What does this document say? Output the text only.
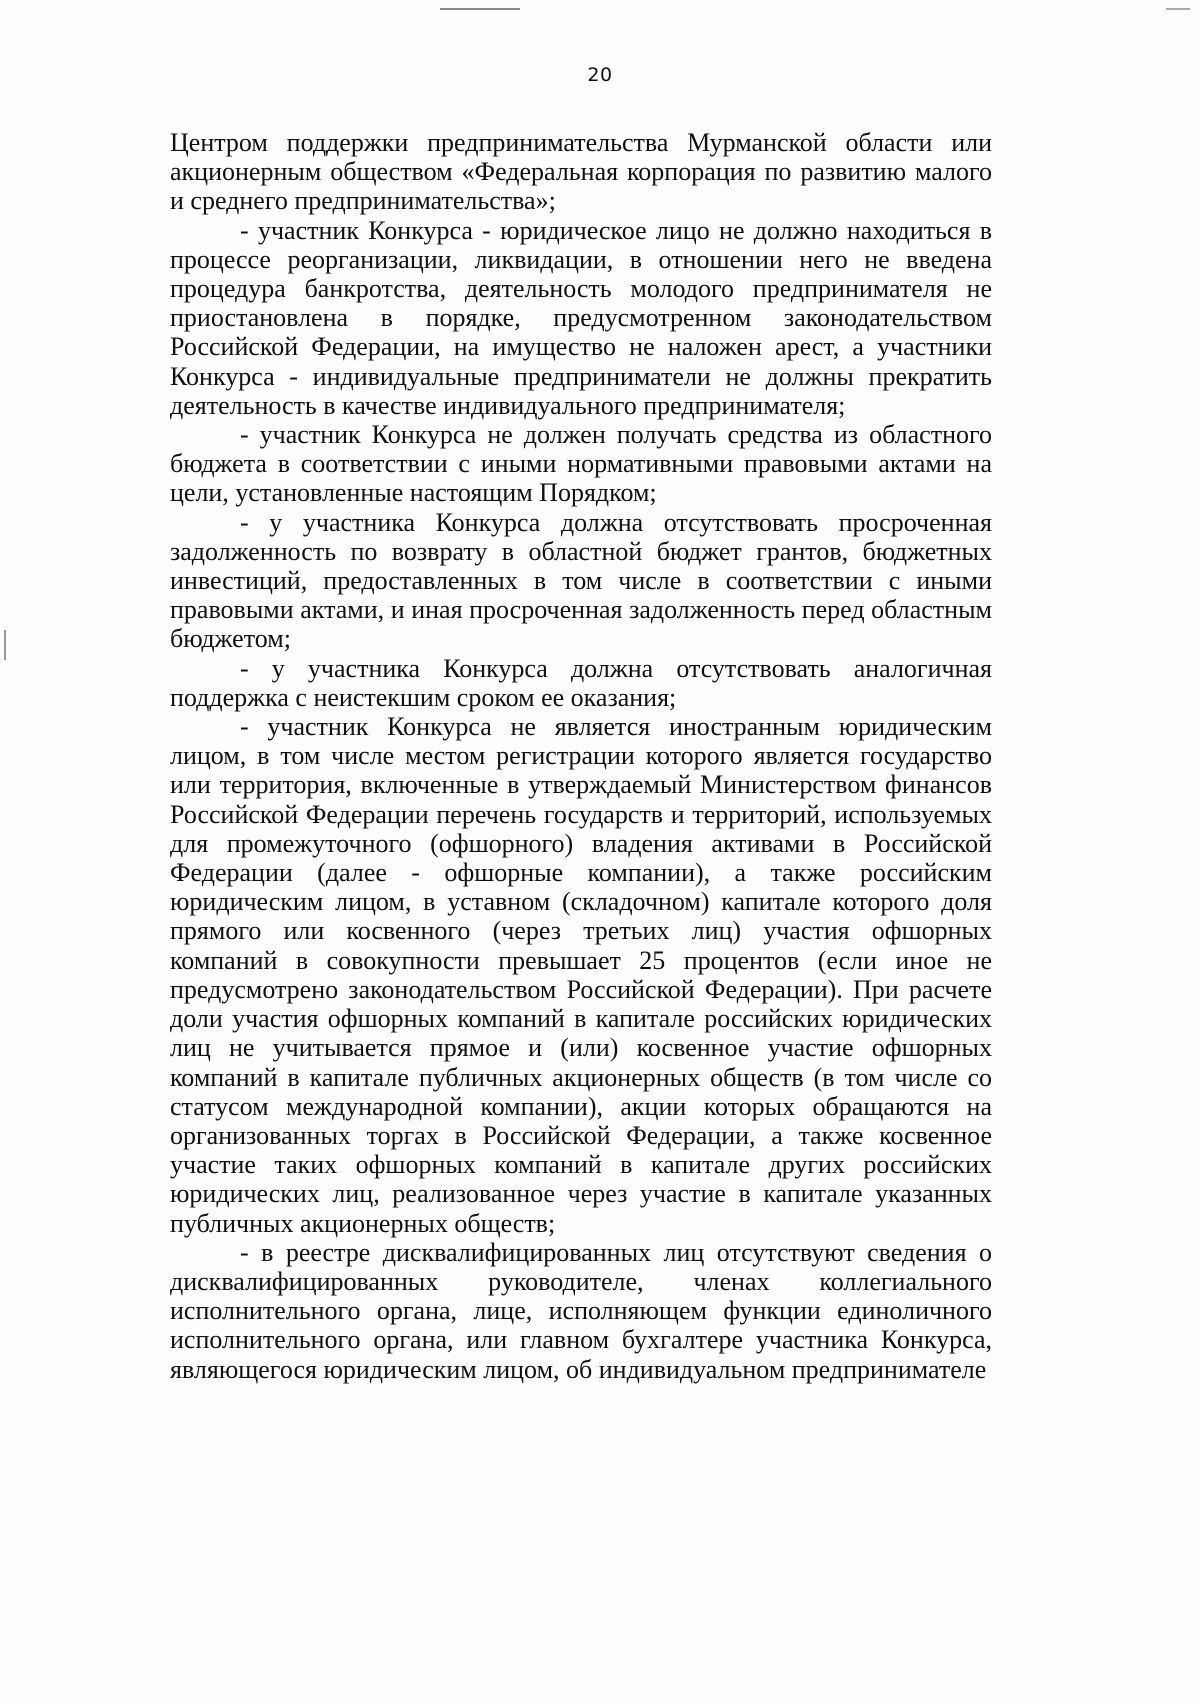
20

Центром поддержки предпринимательства Мурманской области или акционерным обществом «Федеральная корпорация по развитию малого и среднего предпринимательства»;

- участник Конкурса - юридическое лицо не должно находиться в процессе реорганизации, ликвидации, в отношении него не введена процедура банкротства, деятельность молодого предпринимателя не приостановлена в порядке, предусмотренном законодательством Российской Федерации, на имущество не наложен арест, а участники Конкурса - индивидуальные предприниматели не должны прекратить деятельность в качестве индивидуального предпринимателя;

- участник Конкурса не должен получать средства из областного бюджета в соответствии с иными нормативными правовыми актами на цели, установленные настоящим Порядком;

- у участника Конкурса должна отсутствовать просроченная задолженность по возврату в областной бюджет грантов, бюджетных инвестиций, предоставленных в том числе в соответствии с иными правовыми актами, и иная просроченная задолженность перед областным бюджетом;

- у участника Конкурса должна отсутствовать аналогичная поддержка с неистекшим сроком ее оказания;

- участник Конкурса не является иностранным юридическим лицом, в том числе местом регистрации которого является государство или территория, включенные в утверждаемый Министерством финансов Российской Федерации перечень государств и территорий, используемых для промежуточного (офшорного) владения активами в Российской Федерации (далее - офшорные компании), а также российским юридическим лицом, в уставном (складочном) капитале которого доля прямого или косвенного (через третьих лиц) участия офшорных компаний в совокупности превышает 25 процентов (если иное не предусмотрено законодательством Российской Федерации). При расчете доли участия офшорных компаний в капитале российских юридических лиц не учитывается прямое и (или) косвенное участие офшорных компаний в капитале публичных акционерных обществ (в том числе со статусом международной компании), акции которых обращаются на организованных торгах в Российской Федерации, а также косвенное участие таких офшорных компаний в капитале других российских юридических лиц, реализованное через участие в капитале указанных публичных акционерных обществ;

- в реестре дисквалифицированных лиц отсутствуют сведения о дисквалифицированных руководителе, членах коллегиального исполнительного органа, лице, исполняющем функции единоличного исполнительного органа, или главном бухгалтере участника Конкурса, являющегося юридическим лицом, об индивидуальном предпринимателе
